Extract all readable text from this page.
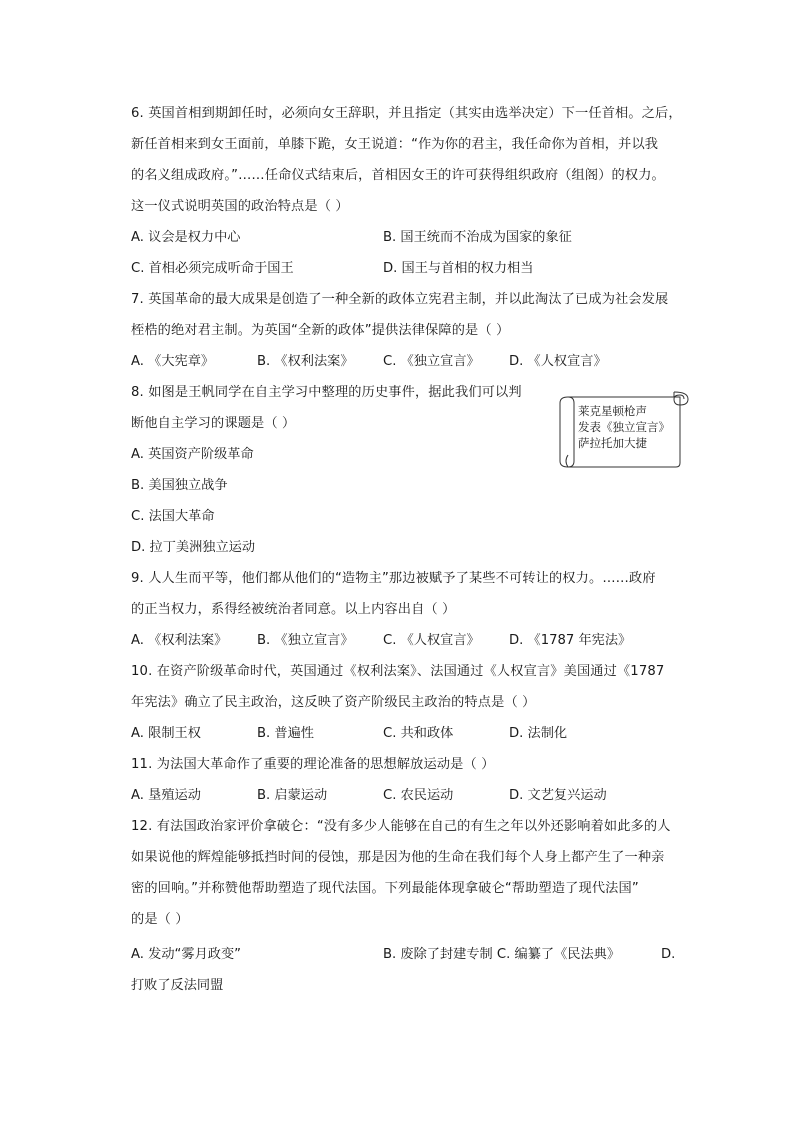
6. 英国首相到期卸任时，必须向女王辞职，并且指定（其实由选举决定）下一任首相。之后，
新任首相来到女王面前，单膝下跪，女王说道：“作为你的君主，我任命你为首相，并以我
的名义组成政府。”……任命仪式结束后，首相因女王的许可获得组织政府（组阁）的权力。
这一仪式说明英国的政治特点是（ ）
A. 议会是权力中心	B. 国王统而不治成为国家的象征
C. 首相必须完成听命于国王	D. 国王与首相的权力相当
7. 英国革命的最大成果是创造了一种全新的政体立宪君主制，并以此淘汰了已成为社会发展
桎梏的绝对君主制。为英国“全新的政体”提供法律保障的是（ ）
A. 《大宪章》	B. 《权利法案》 C. 《独立宣言》 D. 《人权宣言》
8. 如图是王帆同学在自主学习中整理的历史事件，据此我们可以判
断他自主学习的课题是（ ）
A. 英国资产阶级革命
B. 美国独立战争
C. 法国大革命
D. 拉丁美洲独立运动
莱克星顿枪声
发表《独立宣言》
萨拉托加大捷
9. 人人生而平等，他们都从他们的“造物主”那边被赋予了某些不可转让的权力。……政府
的正当权力，系得经被统治者同意。以上内容出自（ ）
A. 《权利法案》 B. 《独立宣言》 C. 《人权宣言》 D. 《1787 年宪法》
10. 在资产阶级革命时代，英国通过《权利法案》、法国通过《人权宣言》美国通过《1787
年宪法》确立了民主政治，这反映了资产阶级民主政治的特点是（ ）
A. 限制王权	B. 普遍性	C. 共和政体	D. 法制化
11. 为法国大革命作了重要的理论准备的思想解放运动是（ ）
A. 垦殖运动	B. 启蒙运动	C. 农民运动	D. 文艺复兴运动
12. 有法国政治家评价拿破仑：“没有多少人能够在自己的有生之年以外还影响着如此多的人
如果说他的辉煌能够抵挡时间的侵蚀，那是因为他的生命在我们每个人身上都产生了一种亲
密的回响。”并称赞他帮助塑造了现代法国。下列最能体现拿破仑“帮助塑造了现代法国”
的是（ ）
A. 发动“雾月政变”	B. 废除了封建专制 C. 编纂了《民法典》	D.
打败了反法同盟
